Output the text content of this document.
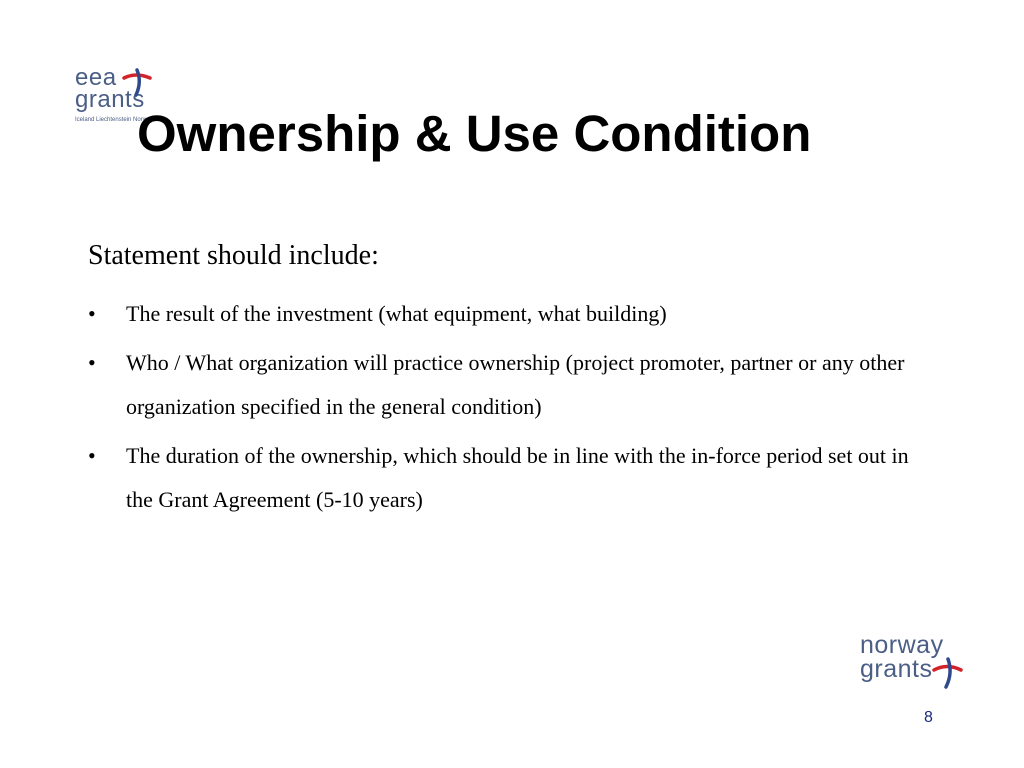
eea
grants
Iceland Liechtenstein Norway
Ownership & Use Condition

Statement should include:

• The result of the investment (what equipment, what building)
• Who / What organization will practice ownership (project promoter, partner or any other organization specified in the general condition)
• The duration of the ownership, which should be in line with the in-force period set out in the Grant Agreement (5-10 years)
norway
grants
8
